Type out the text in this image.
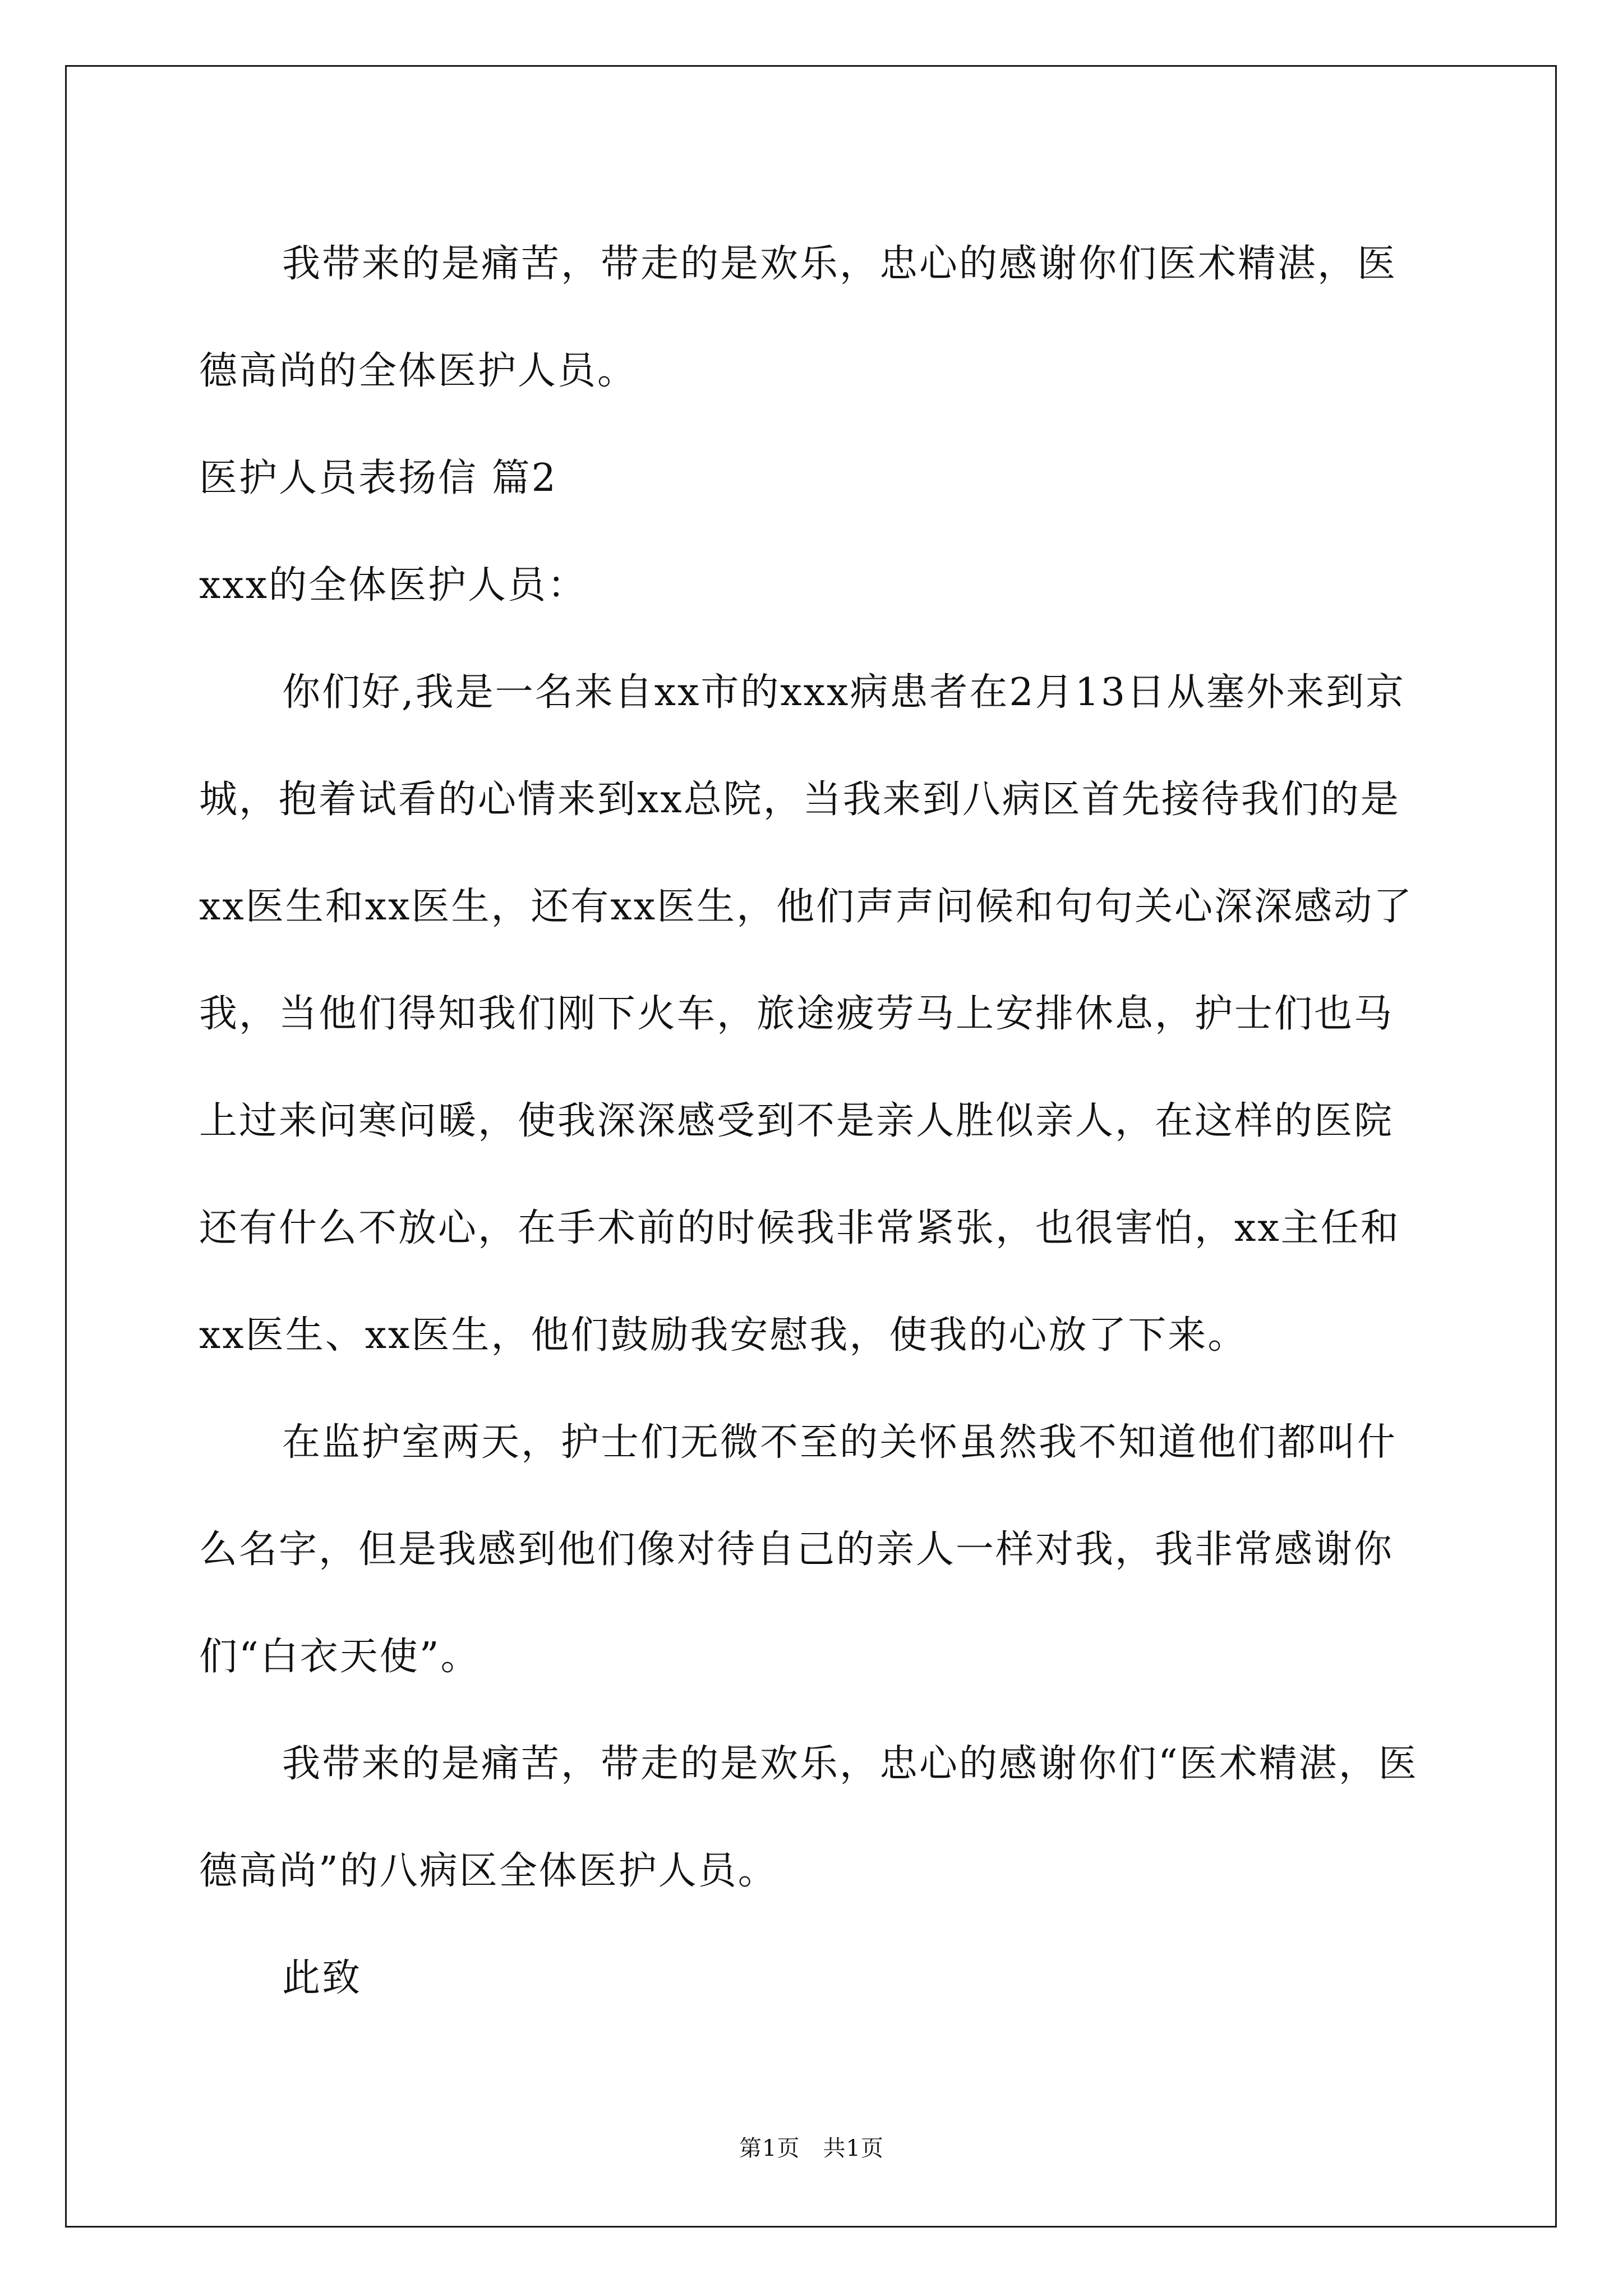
我带来的是痛苦，带走的是欢乐，忠心的感谢你们医术精湛，医德高尚的全体医护人员。

医护人员表扬信 篇2

xxx的全体医护人员：

你们好,我是一名来自xx市的xxx病患者在2月13日从塞外来到京城，抱着试看的心情来到xx总院，当我来到八病区首先接待我们的是xx医生和xx医生，还有xx医生，他们声声问候和句句关心深深感动了我，当他们得知我们刚下火车，旅途疲劳马上安排休息，护士们也马上过来问寒问暖，使我深深感受到不是亲人胜似亲人，在这样的医院还有什么不放心，在手术前的时候我非常紧张，也很害怕，xx主任和xx医生、xx医生，他们鼓励我安慰我，使我的心放了下来。

在监护室两天，护士们无微不至的关怀虽然我不知道他们都叫什么名字，但是我感到他们像对待自己的亲人一样对我，我非常感谢你们“白衣天使”。

我带来的是痛苦，带走的是欢乐，忠心的感谢你们“医术精湛，医德高尚”的八病区全体医护人员。

此致

第1页　共1页
